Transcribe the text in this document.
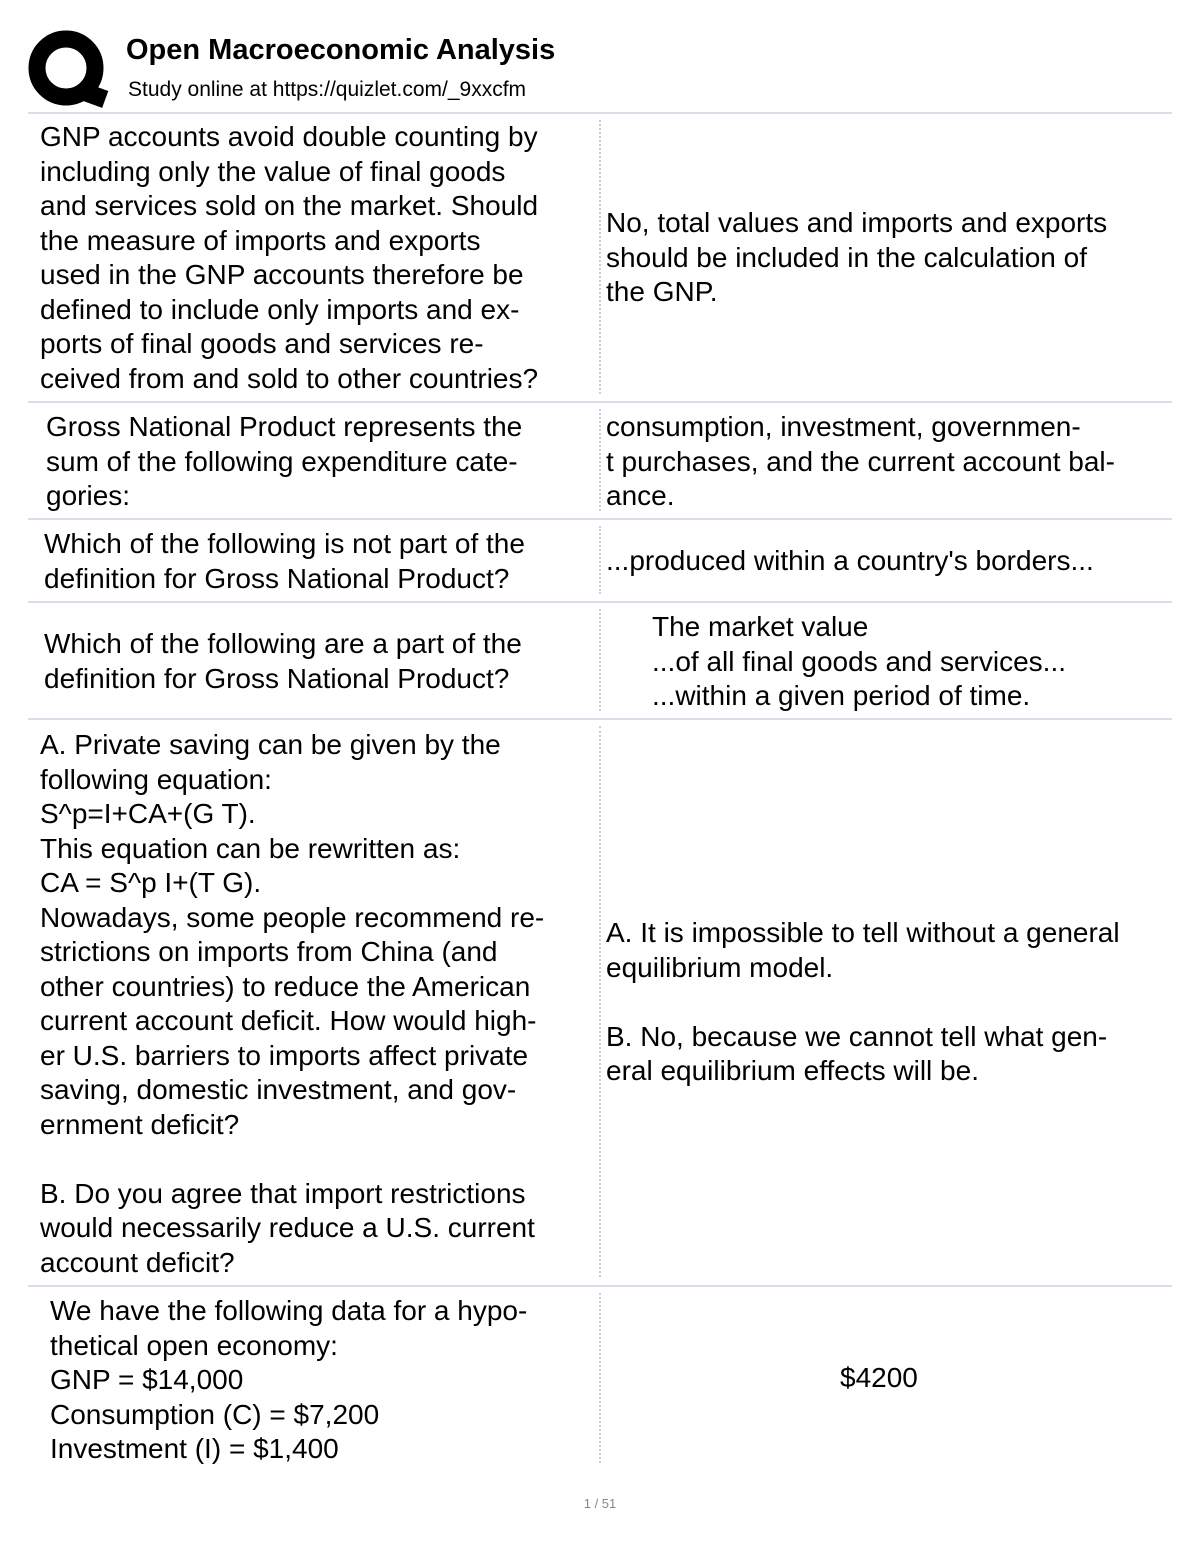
Open Macroeconomic Analysis
Study online at https://quizlet.com/_9xxcfm
GNP accounts avoid double counting by
including only the value of final goods
and services sold on the market. Should
the measure of imports and exports
used in the GNP accounts therefore be
defined to include only imports and ex-
ports of final goods and services re-
ceived from and sold to other countries?
No, total values and imports and exports
should be included in the calculation of
the GNP.
Gross National Product represents the
sum of the following expenditure cate-
gories:
consumption, investment, governmen-
t purchases, and the current account bal-
ance.
Which of the following is not part of the
definition for Gross National Product?
...produced within a country's borders...
Which of the following are a part of the
definition for Gross National Product?
The market value
...of all final goods and services...
...within a given period of time.
A. Private saving can be given by the
following equation:
S^p=I+CA+(G T).
This equation can be rewritten as:
CA = S^p I+(T G).
Nowadays, some people recommend re-
strictions on imports from China (and
other countries) to reduce the American
current account deficit. How would high-
er U.S. barriers to imports affect private
saving, domestic investment, and gov-
ernment deficit?

B. Do you agree that import restrictions
would necessarily reduce a U.S. current
account deficit?
A. It is impossible to tell without a general
equilibrium model.

B. No, because we cannot tell what gen-
eral equilibrium effects will be.
We have the following data for a hypo-
thetical open economy:
GNP = $14,000
Consumption (C) = $7,200
Investment (I) = $1,400
$4200
1 / 51
